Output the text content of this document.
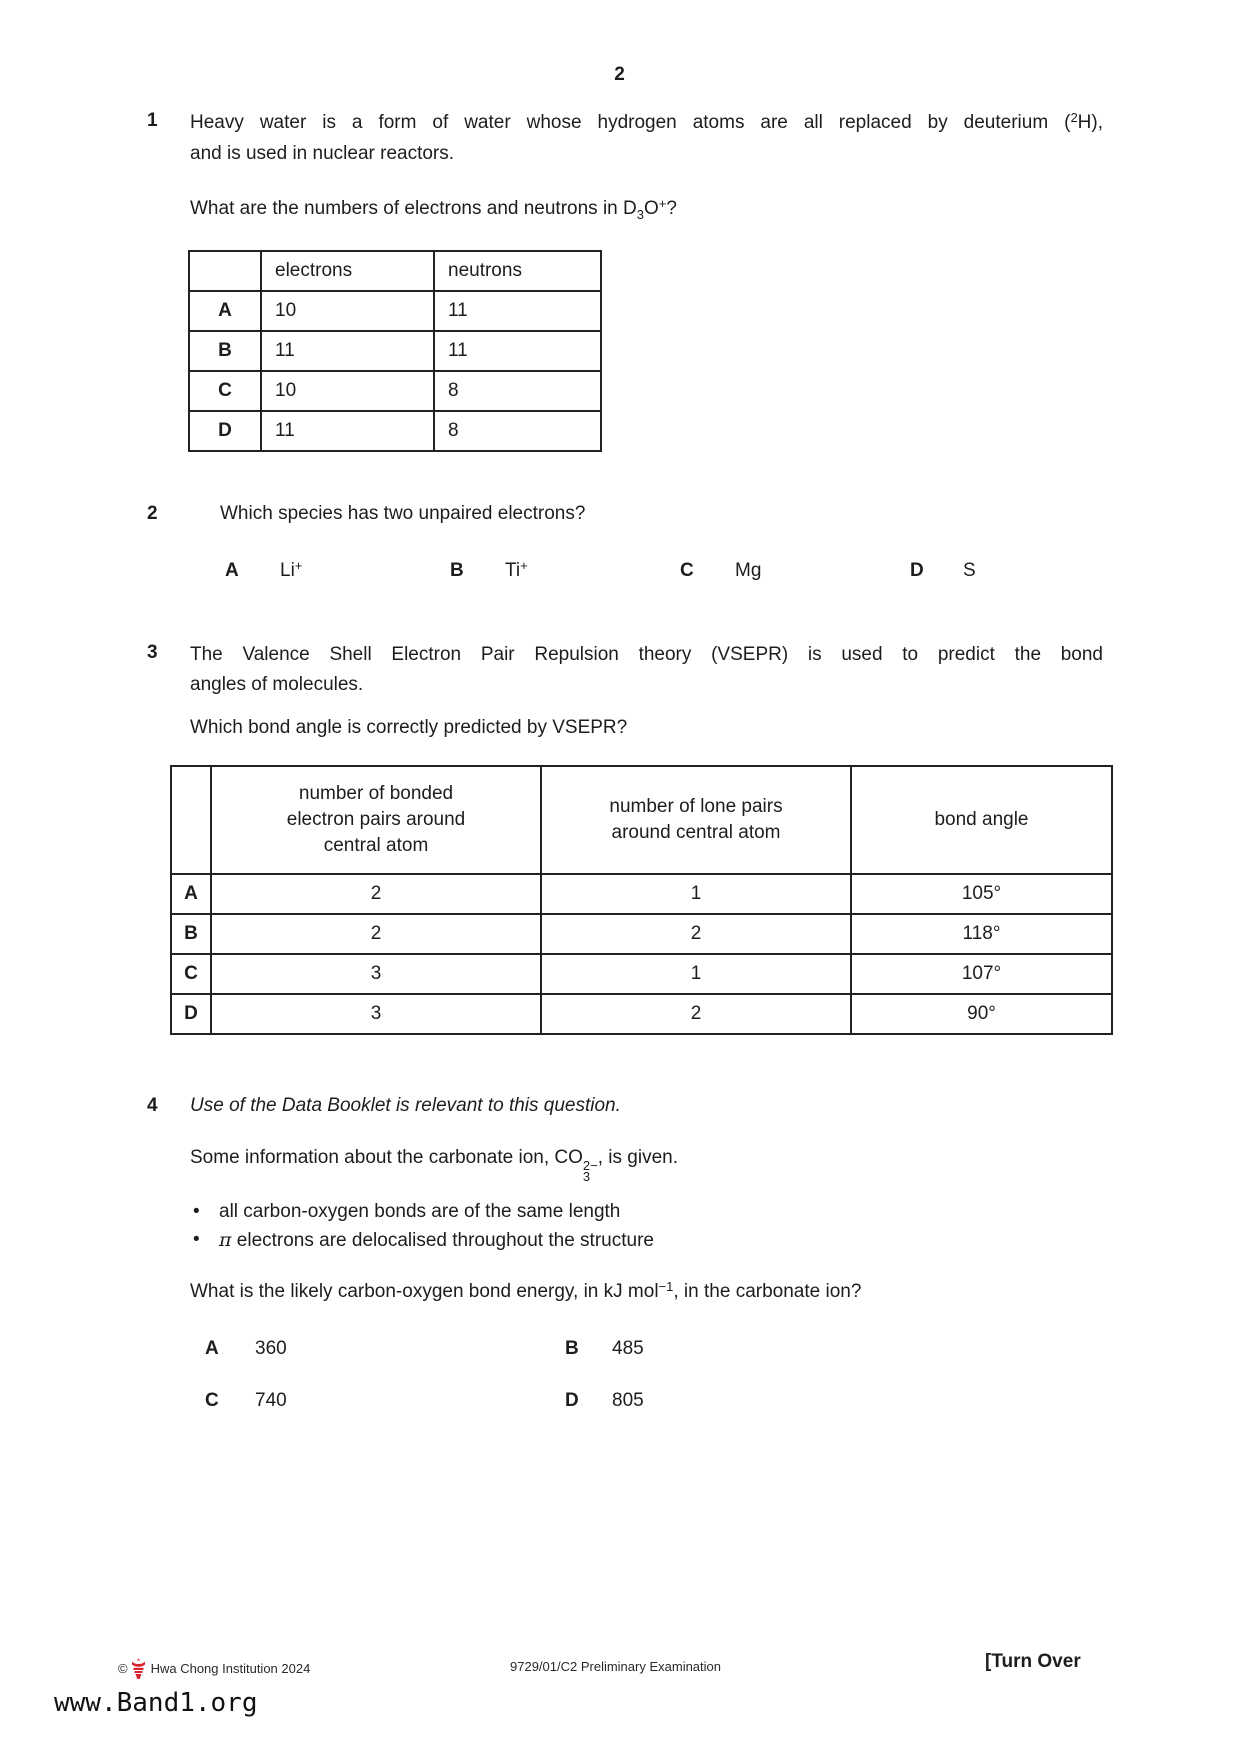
2
1 Heavy water is a form of water whose hydrogen atoms are all replaced by deuterium ($^2$H),
and is used in nuclear reactors.
What are the numbers of electrons and neutrons in $D_3O^+$?
	electrons	neutrons
A	10	11
B	11	11
C	10	8
D	11	8
2	Which species has two unpaired electrons?
A Li+	B Ti+	C Mg	D S
3 The Valence Shell Electron Pair Repulsion theory (VSEPR) is used to predict the bond
angles of molecules.
Which bond angle is correctly predicted by VSEPR?

	number of bonded
electron pairs around
central atom	number of lone pairs
around central atom	bond angle
A	2	1	105°
B	2	2	118°
C	3	1	107°
D	3	2	90°
4 Use of the Data Booklet is relevant to this question.
Some information about the carbonate ion, CO 2−
3
, is given.
• all carbon-oxygen bonds are of the same length
• π electrons are delocalised throughout the structure
What is the likely carbon-oxygen bond energy, in kJ mol$^{-1}$, in the carbonate ion?
A 360	B 485
C 740	D 805
© Hwa Chong Institution 2024	9729/01/C2 Preliminary Examination	[Turn Over
www.Band1.org
